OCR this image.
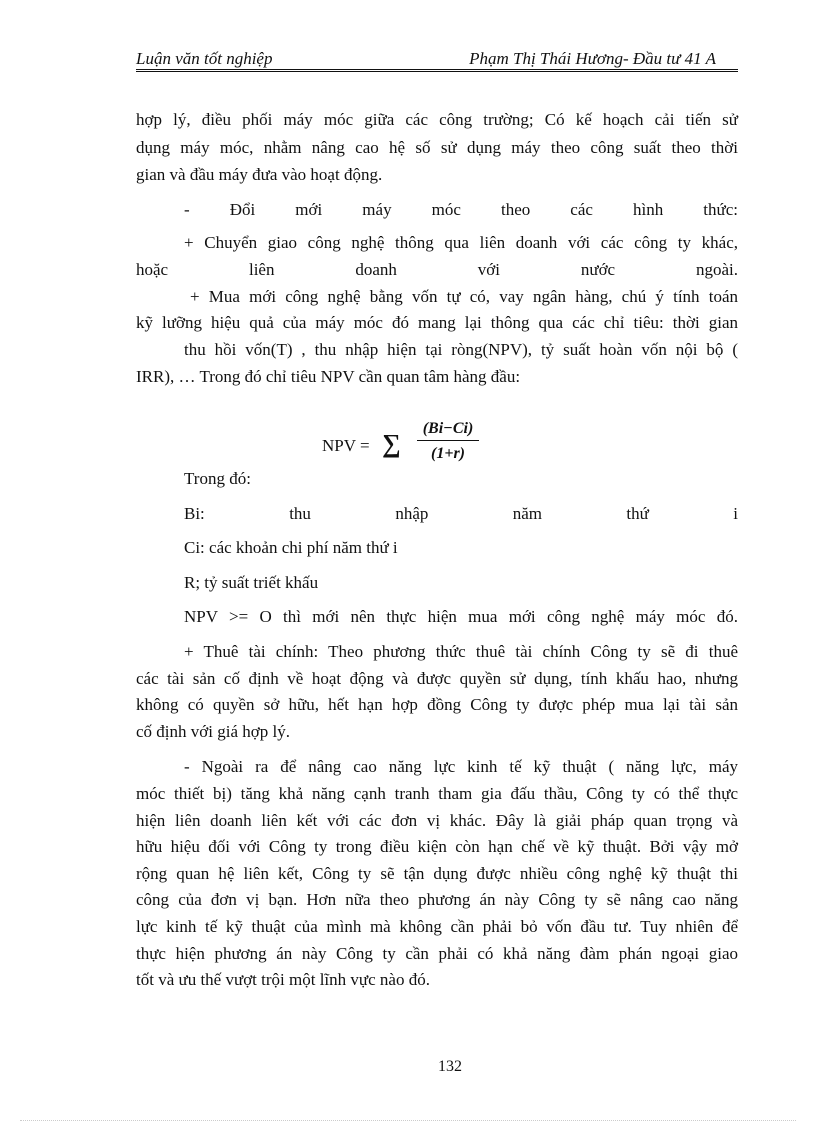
Luận văn tốt nghiệp	Phạm Thị Thái Hương- Đầu tư 41 A
hợp lý, điều phối máy móc giữa các công trường; Có kế hoạch cải tiến sử
dụng máy móc, nhằm nâng cao hệ số sử dụng máy theo công suất theo thời
gian và đầu máy đưa vào hoạt động.
- Đổi mới máy móc theo các hình thức:
+ Chuyển giao công nghệ thông qua liên doanh với các công ty khác,
hoặc liên doanh với nước ngoài.
+ Mua mới công nghệ bằng vốn tự có, vay ngân hàng, chú ý tính toán
kỹ lưỡng hiệu quả của máy móc đó mang lại thông qua các chỉ tiêu: thời gian
thu hồi vốn(T) , thu nhập hiện tại ròng(NPV), tỷ suất hoàn vốn nội bộ (
IRR), … Trong đó chỉ tiêu NPV cần quan tâm hàng đầu:
NPV = ∑ $\frac{(Bi-Ci)}{(1+r)}$
Trong đó:
Bi: thu nhập năm thứ i
Ci: các khoản chi phí năm thứ i
R; tỷ suất triết khấu
NPV >= O thì mới nên thực hiện mua mới công nghệ máy móc đó.
+ Thuê tài chính: Theo phương thức thuê tài chính Công ty sẽ đi thuê
các tài sản cố định về hoạt động và được quyền sử dụng, tính khấu hao, nhưng
không có quyền sở hữu, hết hạn hợp đồng Công ty được phép mua lại tài sản
cố định với giá hợp lý.
- Ngoài ra để nâng cao năng lực kinh tế kỹ thuật ( năng lực, máy
móc thiết bị) tăng khả năng cạnh tranh tham gia đấu thầu, Công ty có thể thực
hiện liên doanh liên kết với các đơn vị khác. Đây là giải pháp quan trọng và
hữu hiệu đối với Công ty trong điều kiện còn hạn chế về kỹ thuật. Bởi vậy mở
rộng quan hệ liên kết, Công ty sẽ tận dụng được nhiều công nghệ kỹ thuật thi
công của đơn vị bạn. Hơn nữa theo phương án này Công ty sẽ nâng cao năng
lực kinh tế kỹ thuật của mình mà không cần phải bỏ vốn đầu tư. Tuy nhiên để
thực hiện phương án này Công ty cần phải có khả năng đàm phán ngoại giao
tốt và ưu thế vượt trội một lĩnh vực nào đó.
132
